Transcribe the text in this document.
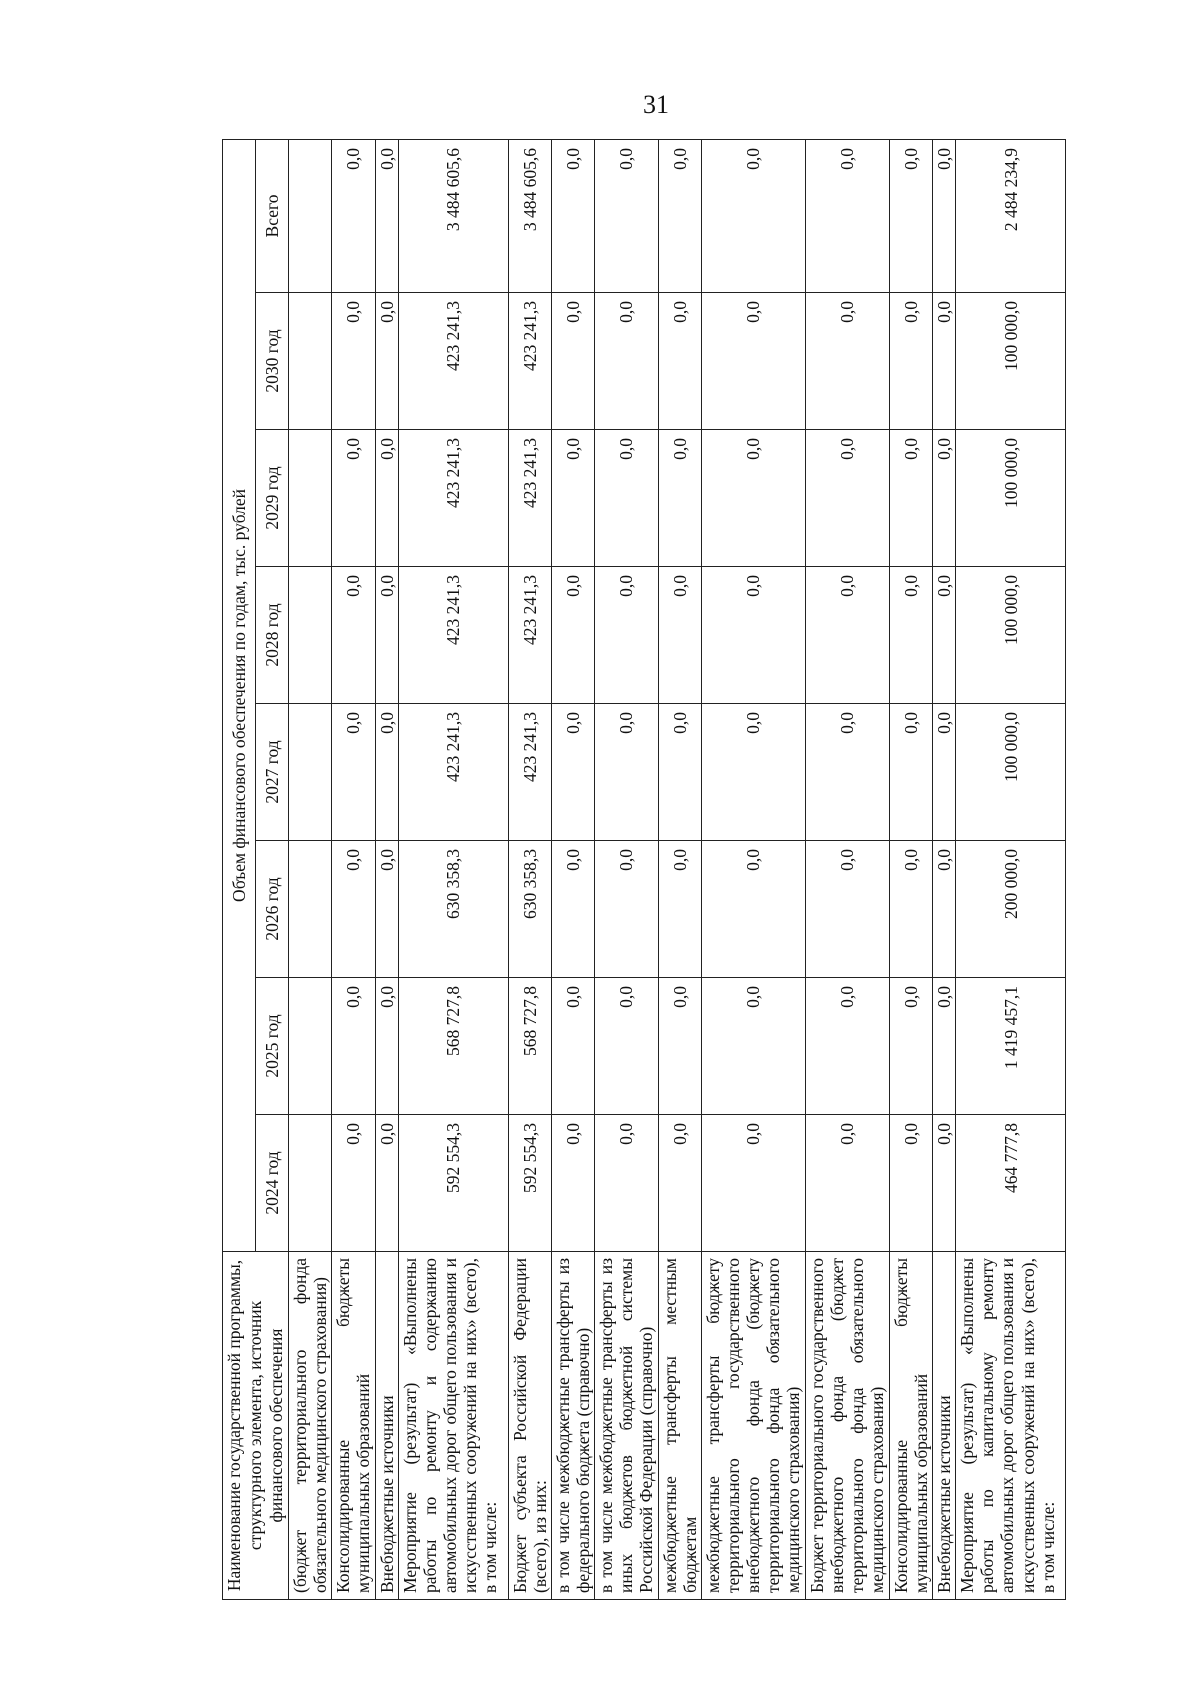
31
Наименование государственной программы, структурного элемента, источник финансового обеспечения	Объем финансового обеспечения по годам, тыс. рублей							
	2024 год	2025 год	2026 год	2027 год	2028 год	2029 год	2030 год	Всего
(бюджет территориального фонда обязательного медицинского страхования)								
Консолидированные бюджеты муниципальных образований	0,0	0,0	0,0	0,0	0,0	0,0	0,0	0,0
Внебюджетные источники	0,0	0,0	0,0	0,0	0,0	0,0	0,0	0,0
Мероприятие (результат) «Выполнены работы по ремонту и содержанию автомобильных дорог общего пользования и искусственных сооружений на них» (всего), в том числе:	592 554,3	568 727,8	630 358,3	423 241,3	423 241,3	423 241,3	423 241,3	3 484 605,6
Бюджет субъекта Российской Федерации (всего), из них:	592 554,3	568 727,8	630 358,3	423 241,3	423 241,3	423 241,3	423 241,3	3 484 605,6
в том числе межбюджетные трансферты из федерального бюджета (справочно)	0,0	0,0	0,0	0,0	0,0	0,0	0,0	0,0
в том числе межбюджетные трансферты из иных бюджетов бюджетной системы Российской Федерации (справочно)	0,0	0,0	0,0	0,0	0,0	0,0	0,0	0,0
межбюджетные трансферты местным бюджетам	0,0	0,0	0,0	0,0	0,0	0,0	0,0	0,0
межбюджетные трансферты бюджету территориального государственного внебюджетного фонда (бюджету территориального фонда обязательного медицинского страхования)	0,0	0,0	0,0	0,0	0,0	0,0	0,0	0,0
Бюджет территориального государственного внебюджетного фонда (бюджет территориального фонда обязательного медицинского страхования)	0,0	0,0	0,0	0,0	0,0	0,0	0,0	0,0
Консолидированные бюджеты муниципальных образований	0,0	0,0	0,0	0,0	0,0	0,0	0,0	0,0
Внебюджетные источники	0,0	0,0	0,0	0,0	0,0	0,0	0,0	0,0
Мероприятие (результат) «Выполнены работы по капитальному ремонту автомобильных дорог общего пользования и искусственных сооружений на них» (всего), в том числе:	464 777,8	1 419 457,1	200 000,0	100 000,0	100 000,0	100 000,0	100 000,0	2 484 234,9
